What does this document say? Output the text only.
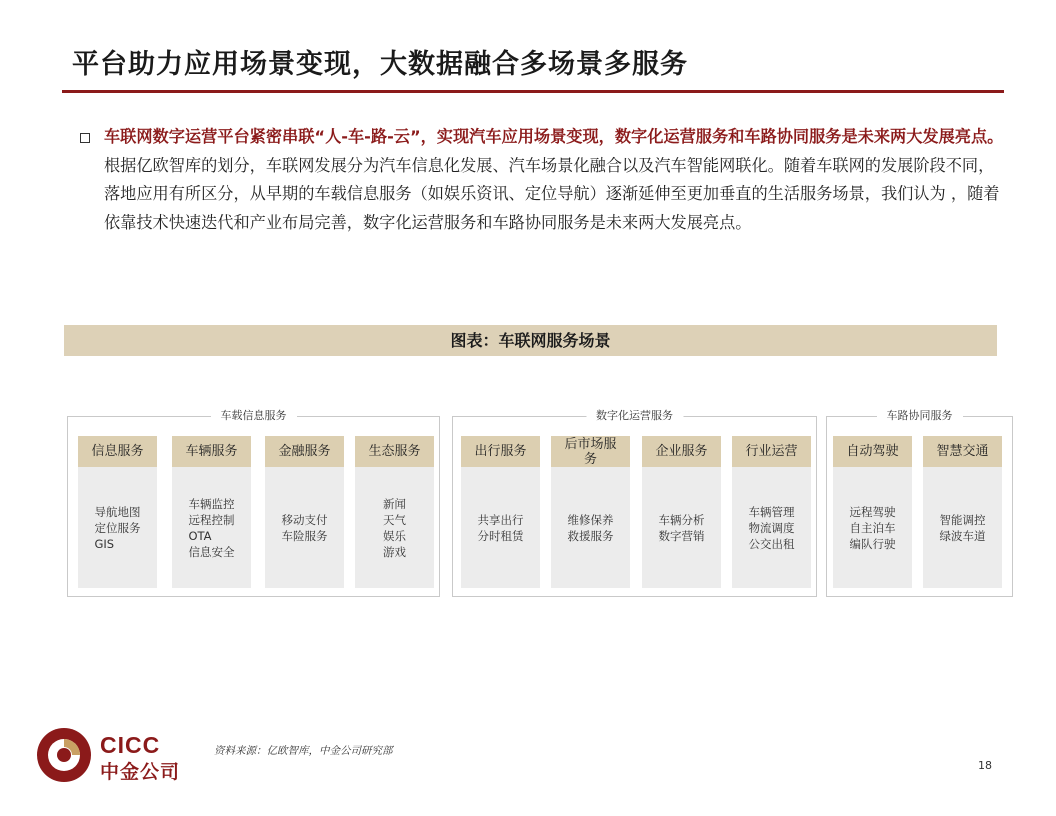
平台助力应用场景变现，大数据融合多场景多服务
车联网数字运营平台紧密串联“人-车-路-云”，实现汽车应用场景变现，数字化运营服务和车路协同服务是未来两大发展亮点。根据亿欧智库的划分，车联网发展分为汽车信息化发展、汽车场景化融合以及汽车智能网联化。随着车联网的发展阶段不同，落地应用有所区分，从早期的车载信息服务（如娱乐资讯、定位导航）逐渐延伸至更加垂直的生活服务场景，我们认为 ，随着依靠技术快速迭代和产业布局完善，数字化运营服务和车路协同服务是未来两大发展亮点。
图表：车联网服务场景
车载信息服务	数字化运营服务	车路协同服务
信息服务
导航地图
定位服务
GIS
车辆服务
车辆监控
远程控制
OTA
信息安全
金融服务
移动支付
车险服务
生态服务
新闻
天气
娱乐
游戏
出行服务
共享出行
分时租赁
后市场服务
维修保养
救援服务
企业服务
车辆分析
数字营销
行业运营
车辆管理
物流调度
公交出租
自动驾驶
远程驾驶
自主泊车
编队行驶
智慧交通
智能调控
绿波车道
CICC
中金公司
资料来源：亿欧智库，中金公司研究部
18
